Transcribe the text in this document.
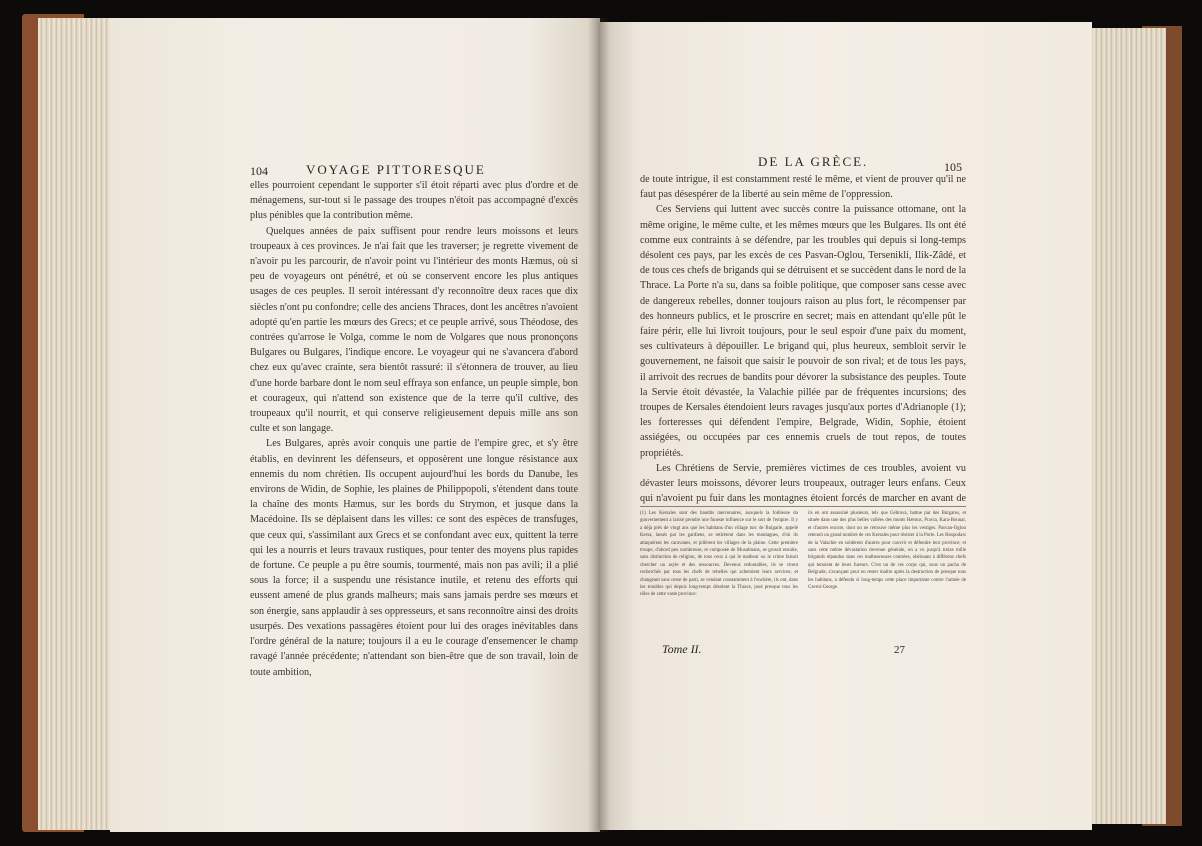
104	VOYAGE PITTORESQUE

elles pourroient cependant le supporter s'il étoit réparti avec plus d'ordre et de ménagemens, sur-tout si le passage des troupes n'étoit pas accompagné d'excès plus pénibles que la contribution même.

Quelques années de paix suffisent pour rendre leurs moissons et leurs troupeaux à ces provinces. Je n'ai fait que les traverser; je regrette vivement de n'avoir pu les parcourir, de n'avoir point vu l'intérieur des monts Hæmus, où si peu de voyageurs ont pénétré, et où se conservent encore les plus antiques usages de ces peuples. Il seroit intéressant d'y reconnoître deux races que dix siècles n'ont pu confondre; celle des anciens Thraces, dont les ancêtres n'avoient adopté qu'en partie les mœurs des Grecs; et ce peuple arrivé, sous Théodose, des contrées qu'arrose le Volga, comme le nom de Volgares que nous prononçons Bulgares ou Bulgares, l'indique encore. Le voyageur qui ne s'avancera d'abord chez eux qu'avec crainte, sera bientôt rassuré: il s'étonnera de trouver, au lieu d'une horde barbare dont le nom seul effraya son enfance, un peuple simple, bon et courageux, qui n'attend son existence que de la terre qu'il cultive, des troupeaux qu'il nourrit, et qui conserve religieusement depuis mille ans son culte et son langage.

Les Bulgares, après avoir conquis une partie de l'empire grec, et s'y être établis, en devinrent les défenseurs, et opposèrent une longue résistance aux ennemis du nom chrétien. Ils occupent aujourd'hui les bords du Danube, les environs de Widin, de Sophie, les plaines de Philippopoli, s'étendent dans toute la chaîne des monts Hæmus, sur les bords du Strymon, et jusque dans la Macédoine. Ils se déplaisent dans les villes: ce sont des espèces de transfuges, que ceux qui, s'assimilant aux Grecs et se confondant avec eux, quittent la terre qui les a nourris et leurs travaux rustiques, pour tenter des moyens plus rapides de fortune. Ce peuple a pu être soumis, tourmenté, mais non pas avili; il a plié sous la force; il a suspendu une résistance inutile, et retenu des efforts qui eussent amené de plus grands malheurs; mais sans jamais perdre ses mœurs et son énergie, sans applaudir à ses oppresseurs, et sans reconnoître ainsi des droits usurpés. Des vexations passagères étoient pour lui des orages inévitables dans l'ordre général de la nature; toujours il a eu le courage d'ensemencer le champ ravagé l'année précédente; n'attendant son bien-être que de son travail, loin de toute ambition,

DE LA GRÈCE.	105

de toute intrigue, il est constamment resté le même, et vient de prouver qu'il ne faut pas désespérer de la liberté au sein même de l'oppression.

Ces Serviens qui luttent avec succès contre la puissance ottomane, ont la même origine, le même culte, et les mêmes mœurs que les Bulgares. Ils ont été comme eux contraints à se défendre, par les troubles qui depuis si long-temps désolent ces pays, par les excès de ces Pasvan-Oglou, Tersenikli, Ilik-Zâdé, et de tous ces chefs de brigands qui se détruisent et se succèdent dans le nord de la Thrace. La Porte n'a su, dans sa foible politique, que composer sans cesse avec de dangereux rebelles, donner toujours raison au plus fort, le récompenser par des honneurs publics, et le proscrire en secret; mais en attendant qu'elle pût le faire périr, elle lui livroit toujours, pour le seul espoir d'une paix du moment, ses cultivateurs à dépouiller. Le brigand qui, plus heureux, sembloit servir le gouvernement, ne faisoit que saisir le pouvoir de son rival; et de tous les pays, il arrivoit des recrues de bandits pour dévorer la subsistance des peuples. Toute la Servie étoit dévastée, la Valachie pillée par de fréquentes incursions; des troupes de Kersales étendoient leurs ravages jusqu'aux portes d'Adrianople (1); les forteresses qui défendent l'empire, Belgrade, Widin, Sophie, étoient assiégées, ou occupées par ces ennemis cruels de tout repos, de toutes propriétés.

Les Chrétiens de Servie, premières victimes de ces troubles, avoient vu dévaster leurs moissons, dévorer leurs troupeaux, outrager leurs enfans. Ceux qui n'avoient pu fuir dans les montagnes étoient forcés de marcher en avant de

(1) Les Kersales sont des bandits mercenaires, auxquels la foiblesse du gouvernement a laissé prendre une funeste influence sur le sort de l'empire. Il y a déjà près de vingt ans que les habitans d'un village turc de Bulgarie, appelé Kersa, lassés par les gardiens, se retirèrent dans les montagnes, d'où ils attaquèrent les caravanes, et pillèrent les villages de la plaine. Cette première troupe, d'abord peu nombreuse, et composée de Musulmans, se grossit ensuite, sans distinction de religion, de tous ceux à qui le malheur ou le crime faisoit chercher un asyle et des ressources. Devenus redoutables, ils se virent recherchés par tous les chefs de rebelles qui achetoient leurs services; et changeant sans cesse de parti, se vendant constamment à l'enchère, ils ont, dans les troubles qui depuis long-temps désolent la Thrace, joué presque tous les rôles de cette vaste province:

ils en ont assassiné plusieurs, tels que Gébrava, battue par des Bulgares, et située dans une des plus belles vallées des monts Hæmus, Pravia, Kara-Bounar, et d'autres encore, dont on ne retrouve même plus les vestiges. Pasvan-Oglou retenoit un grand nombre de ces Kersales pour résister à la Porte. Les Hospodars de la Valachie en soldèrent d'autres pour couvrir et défendre leur province; et sans cette même dévastation devenue générale, on a vu jusqu'à treize mille brigands répandus dans ces malheureuses contrées, obéissant à différens chefs qui tenoient de leurs fureurs. C'est un de ces corps qui, sous un pacha de Belgrade, s'avançant pour en rester maître après la destruction de presque tous les habitans, a défendu si long-temps cette place importante contre l'armée de Czerni-George.

Tome II.	27
